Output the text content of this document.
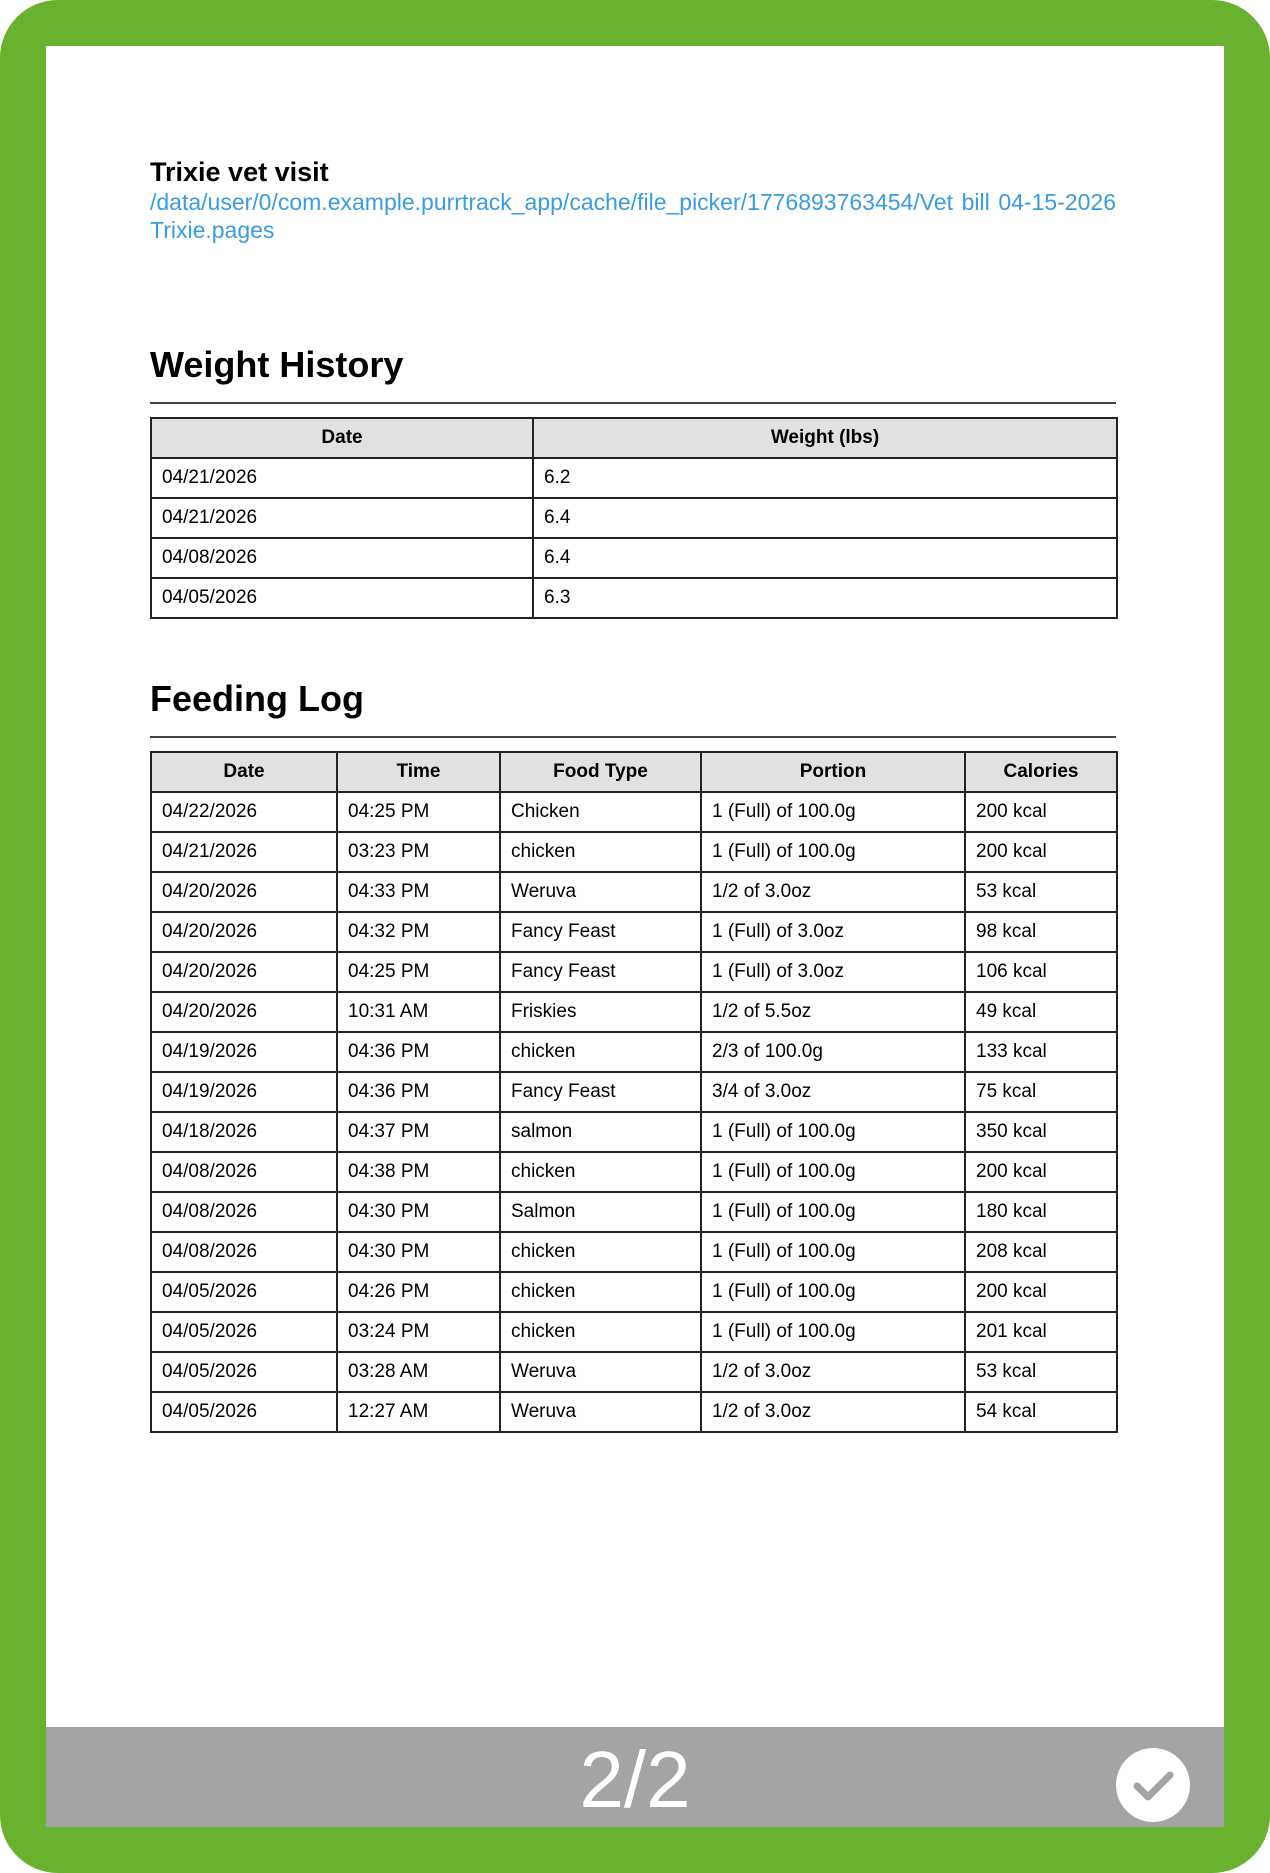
Trixie vet visit
/data/user/0/com.example.purrtrack_app/cache/file_picker/1776893763454/Vet bill 04-15-2026 Trixie.pages
Weight History
Date	Weight (lbs)
04/21/2026	6.2
04/21/2026	6.4
04/08/2026	6.4
04/05/2026	6.3
Feeding Log
Date	Time	Food Type	Portion	Calories
04/22/2026	04:25 PM	Chicken	1 (Full) of 100.0g	200 kcal
04/21/2026	03:23 PM	chicken	1 (Full) of 100.0g	200 kcal
04/20/2026	04:33 PM	Weruva	1/2 of 3.0oz	53 kcal
04/20/2026	04:32 PM	Fancy Feast	1 (Full) of 3.0oz	98 kcal
04/20/2026	04:25 PM	Fancy Feast	1 (Full) of 3.0oz	106 kcal
04/20/2026	10:31 AM	Friskies	1/2 of 5.5oz	49 kcal
04/19/2026	04:36 PM	chicken	2/3 of 100.0g	133 kcal
04/19/2026	04:36 PM	Fancy Feast	3/4 of 3.0oz	75 kcal
04/18/2026	04:37 PM	salmon	1 (Full) of 100.0g	350 kcal
04/08/2026	04:38 PM	chicken	1 (Full) of 100.0g	200 kcal
04/08/2026	04:30 PM	Salmon	1 (Full) of 100.0g	180 kcal
04/08/2026	04:30 PM	chicken	1 (Full) of 100.0g	208 kcal
04/05/2026	04:26 PM	chicken	1 (Full) of 100.0g	200 kcal
04/05/2026	03:24 PM	chicken	1 (Full) of 100.0g	201 kcal
04/05/2026	03:28 AM	Weruva	1/2 of 3.0oz	53 kcal
04/05/2026	12:27 AM	Weruva	1/2 of 3.0oz	54 kcal
2/2
